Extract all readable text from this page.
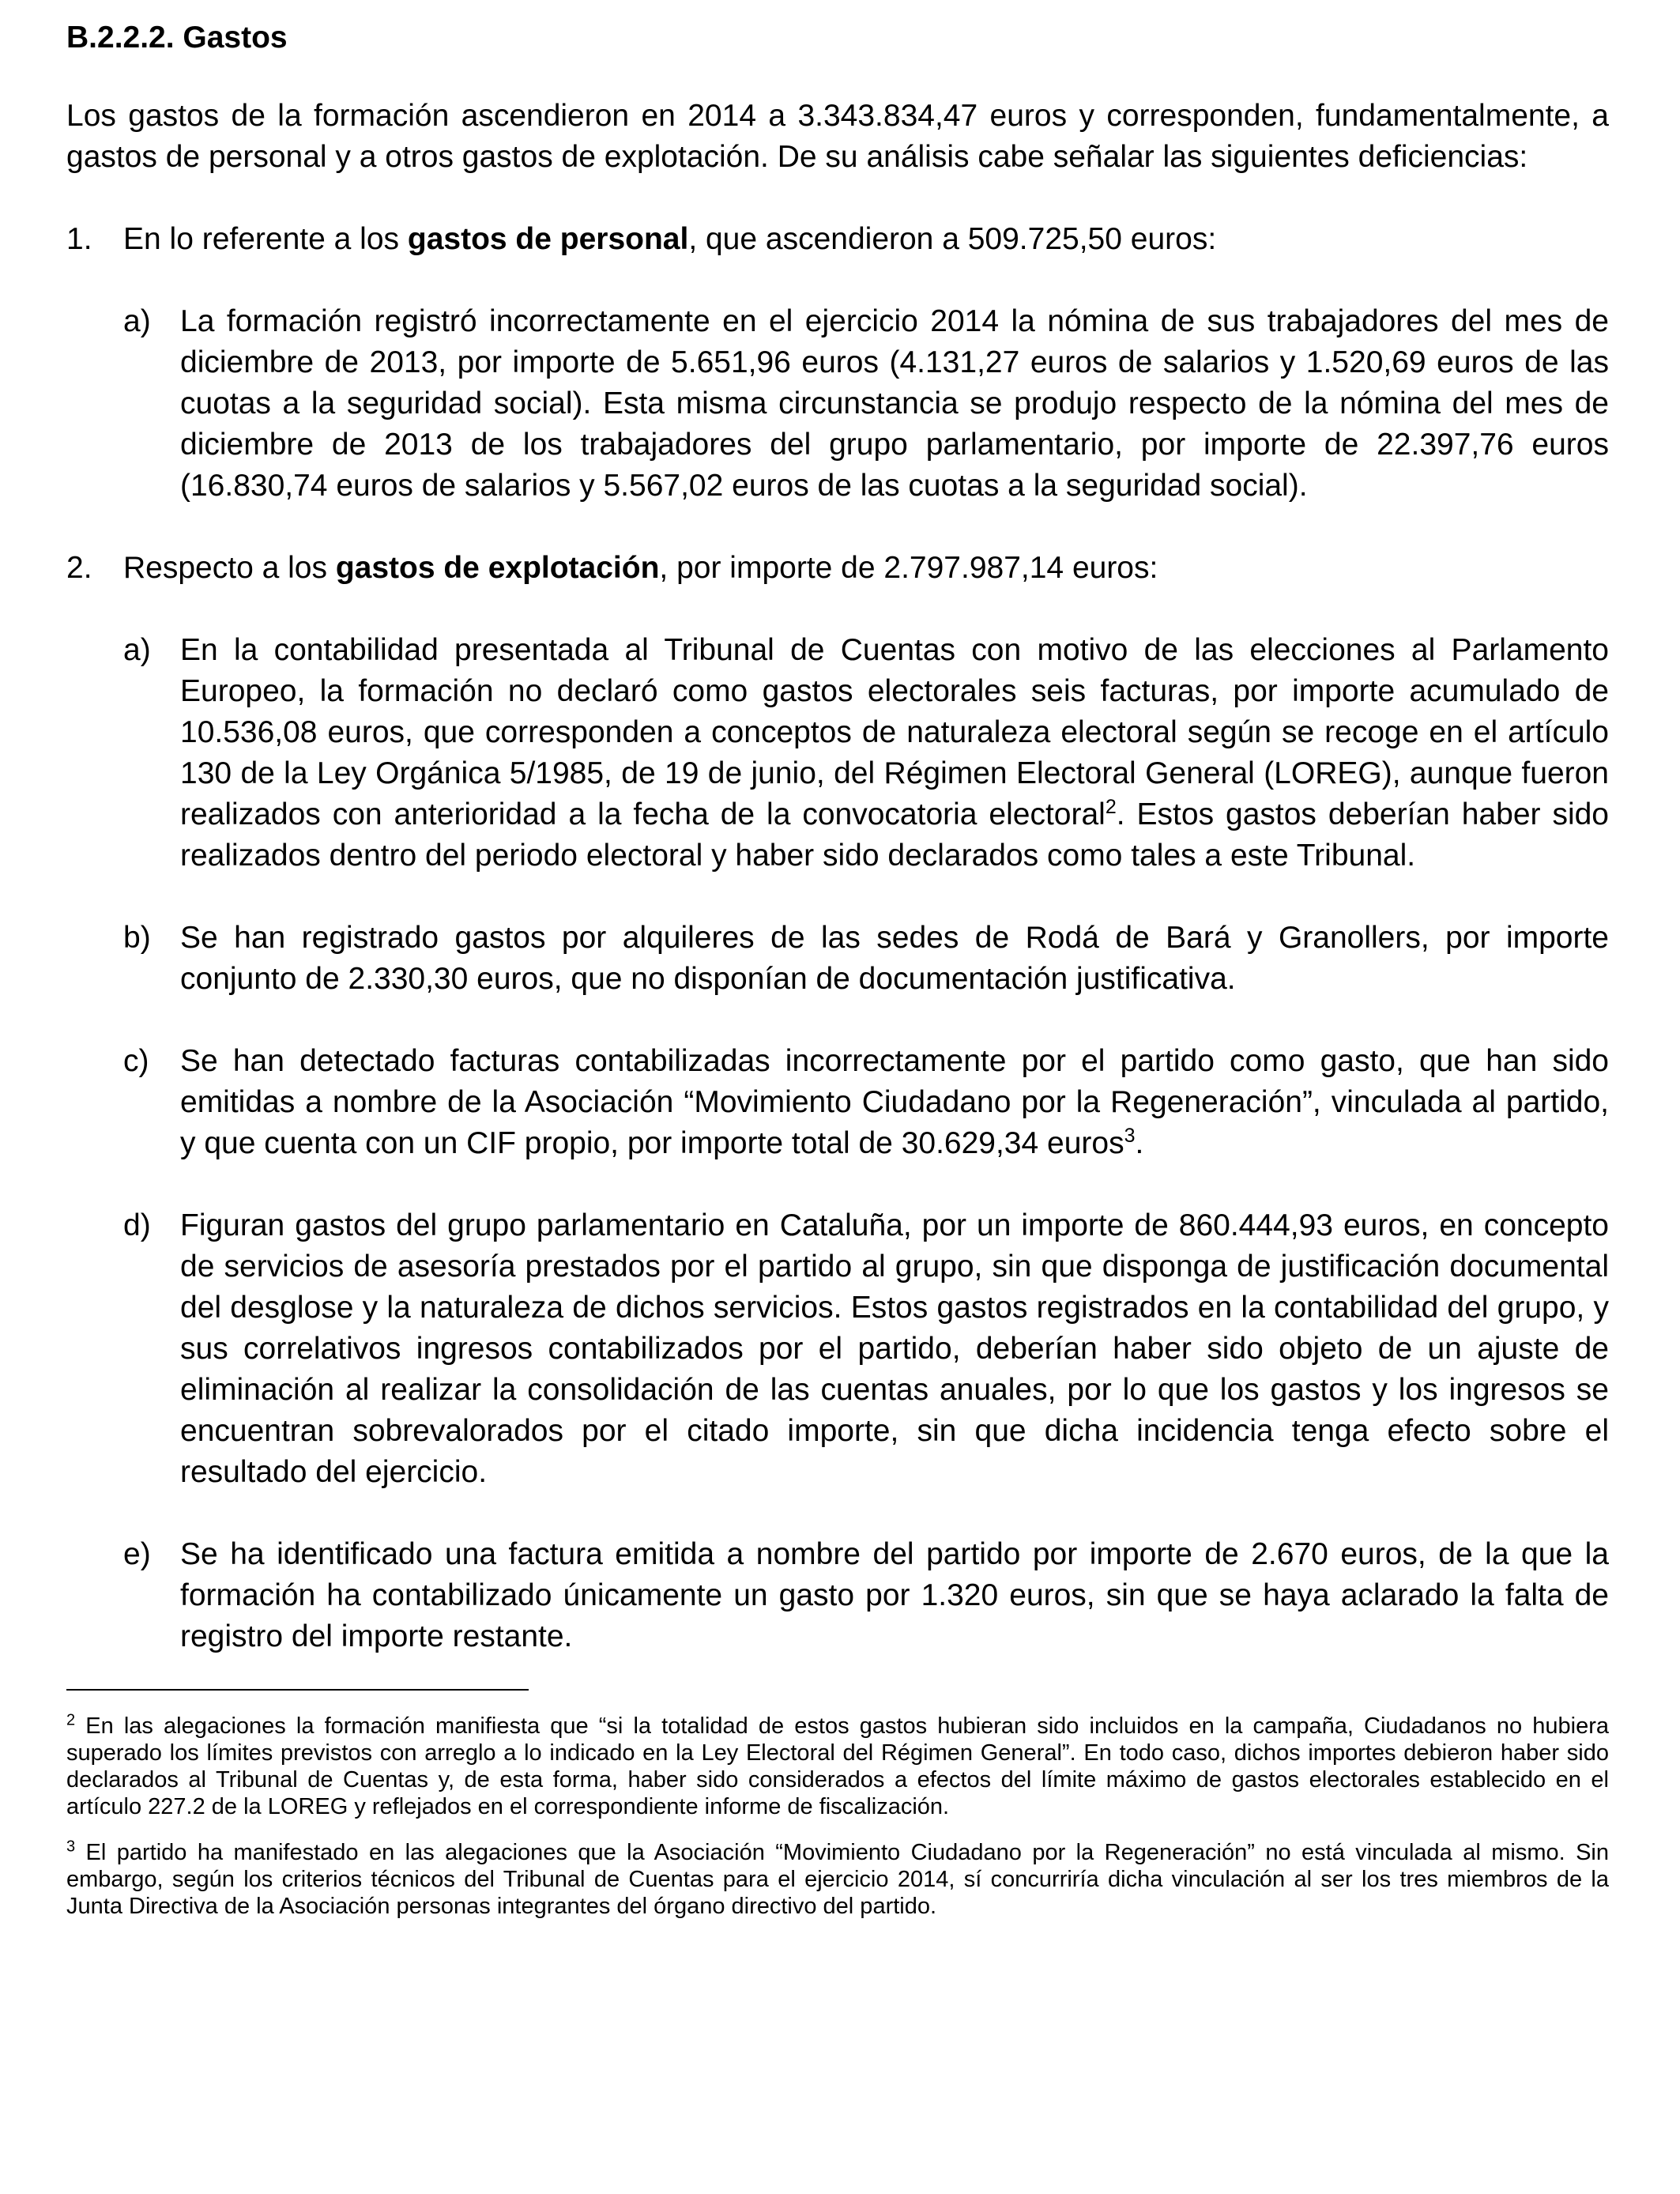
B.2.2.2. Gastos

Los gastos de la formación ascendieron en 2014 a 3.343.834,47 euros y corresponden, fundamentalmente, a gastos de personal y a otros gastos de explotación. De su análisis cabe señalar las siguientes deficiencias:

1.	En lo referente a los gastos de personal, que ascendieron a 509.725,50 euros:
a) La formación registró incorrectamente en el ejercicio 2014 la nómina de sus trabajadores del mes de diciembre de 2013, por importe de 5.651,96 euros (4.131,27 euros de salarios y 1.520,69 euros de las cuotas a la seguridad social). Esta misma circunstancia se produjo respecto de la nómina del mes de diciembre de 2013 de los trabajadores del grupo parlamentario, por importe de 22.397,76 euros (16.830,74 euros de salarios y 5.567,02 euros de las cuotas a la seguridad social).
2.	Respecto a los gastos de explotación, por importe de 2.797.987,14 euros:
a) En la contabilidad presentada al Tribunal de Cuentas con motivo de las elecciones al Parlamento Europeo, la formación no declaró como gastos electorales seis facturas, por importe acumulado de 10.536,08 euros, que corresponden a conceptos de naturaleza electoral según se recoge en el artículo 130 de la Ley Orgánica 5/1985, de 19 de junio, del Régimen Electoral General (LOREG), aunque fueron realizados con anterioridad a la fecha de la convocatoria electoral$^2$. Estos gastos deberían haber sido realizados dentro del periodo electoral y haber sido declarados como tales a este Tribunal.
b) Se han registrado gastos por alquileres de las sedes de Rodá de Bará y Granollers, por importe conjunto de 2.330,30 euros, que no disponían de documentación justificativa.
c)	Se han detectado facturas contabilizadas incorrectamente por el partido como gasto, que han sido emitidas a nombre de la Asociación “Movimiento Ciudadano por la Regeneración”, vinculada al partido, y que cuenta con un CIF propio, por importe total de 30.629,34 euros$^3$.
d) Figuran gastos del grupo parlamentario en Cataluña, por un importe de 860.444,93 euros, en concepto de servicios de asesoría prestados por el partido al grupo, sin que disponga de justificación documental del desglose y la naturaleza de dichos servicios. Estos gastos registrados en la contabilidad del grupo, y sus correlativos ingresos contabilizados por el partido, deberían haber sido objeto de un ajuste de eliminación al realizar la consolidación de las cuentas anuales, por lo que los gastos y los ingresos se encuentran sobrevalorados por el citado importe, sin que dicha incidencia tenga efecto sobre el resultado del ejercicio.
e) Se ha identificado una factura emitida a nombre del partido por importe de 2.670 euros, de la que la formación ha contabilizado únicamente un gasto por 1.320 euros, sin que se haya aclarado la falta de registro del importe restante.

$^2$ En las alegaciones la formación manifiesta que “si la totalidad de estos gastos hubieran sido incluidos en la campaña, Ciudadanos no hubiera superado los límites previstos con arreglo a lo indicado en la Ley Electoral del Régimen General”. En todo caso, dichos importes debieron haber sido declarados al Tribunal de Cuentas y, de esta forma, haber sido considerados a efectos del límite máximo de gastos electorales establecido en el artículo 227.2 de la LOREG y reflejados en el correspondiente informe de fiscalización.

$^3$ El partido ha manifestado en las alegaciones que la Asociación “Movimiento Ciudadano por la Regeneración” no está vinculada al mismo. Sin embargo, según los criterios técnicos del Tribunal de Cuentas para el ejercicio 2014, sí concurriría dicha vinculación al ser los tres miembros de la Junta Directiva de la Asociación personas integrantes del órgano directivo del partido.
